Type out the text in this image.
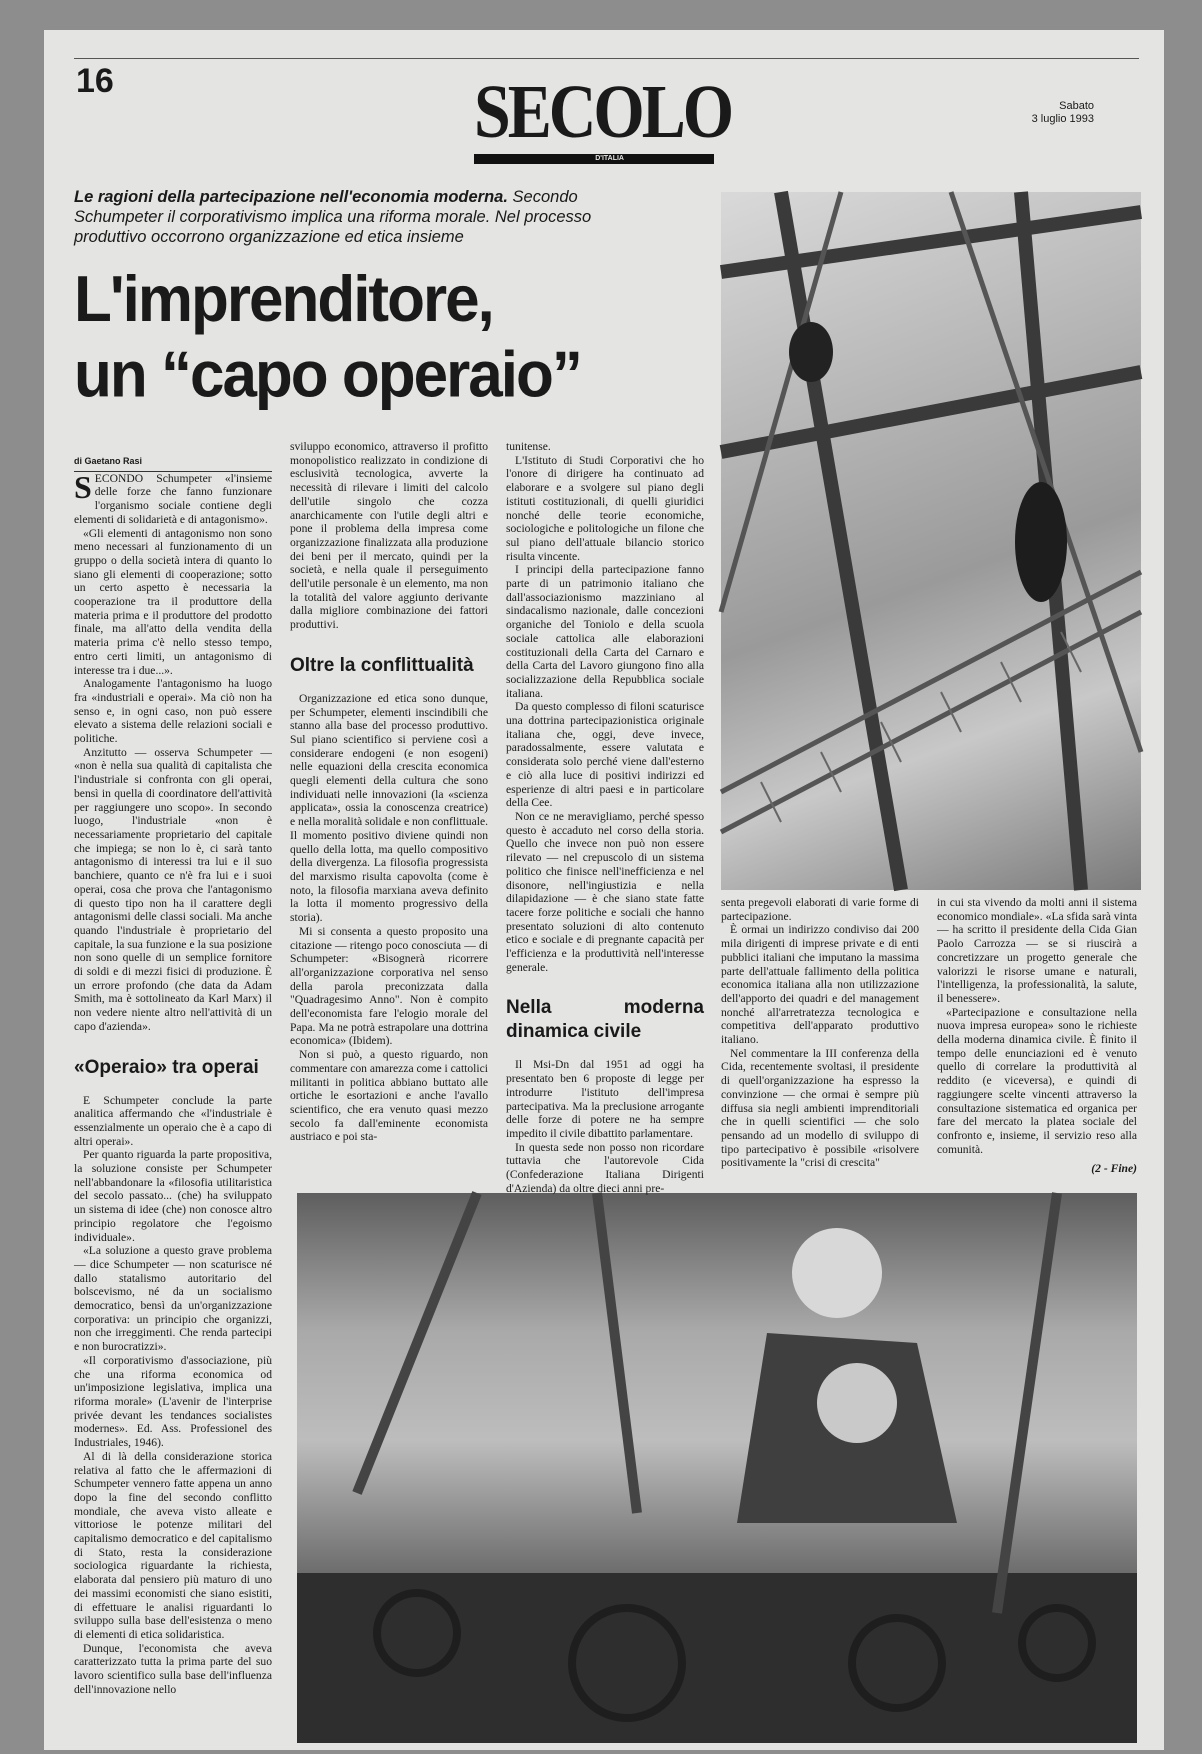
16	SECOLO
D'ITALIA
Sabato
3 luglio 1993
Le ragioni della partecipazione nell'economia moderna. Secondo Schumpeter il corporativismo implica una riforma morale. Nel processo produttivo occorrono organizzazione ed etica insieme
L'imprenditore,
un “capo operaio”

di Gaetano Rasi

SECONDO Schumpeter «l'insieme delle forze che fanno funzionare l'organismo sociale contiene degli elementi di solidarietà e di antagonismo».

«Gli elementi di antagonismo non sono meno necessari al funzionamento di un gruppo o della società intera di quanto lo siano gli elementi di cooperazione; sotto un certo aspetto è necessaria la cooperazione tra il produttore della materia prima e il produttore del prodotto finale, ma all'atto della vendita della materia prima c'è nello stesso tempo, entro certi limiti, un antagonismo di interesse tra i due...».

Analogamente l'antagonismo ha luogo fra «industriali e operai». Ma ciò non ha senso e, in ogni caso, non può essere elevato a sistema delle relazioni sociali e politiche.

Anzitutto — osserva Schumpeter — «non è nella sua qualità di capitalista che l'industriale si confronta con gli operai, bensì in quella di coordinatore dell'attività per raggiungere uno scopo». In secondo luogo, l'industriale «non è necessariamente proprietario del capitale che impiega; se non lo è, ci sarà tanto antagonismo di interessi tra lui e il suo banchiere, quanto ce n'è fra lui e i suoi operai, cosa che prova che l'antagonismo di questo tipo non ha il carattere degli antagonismi delle classi sociali. Ma anche quando l'industriale è proprietario del capitale, la sua funzione e la sua posizione non sono quelle di un semplice fornitore di soldi e di mezzi fisici di produzione. È un errore profondo (che data da Adam Smith, ma è sottolineato da Karl Marx) il non vedere niente altro nell'attività di un capo d'azienda».

«Operaio» tra operai

E Schumpeter conclude la parte analitica affermando che «l'industriale è essenzialmente un operaio che è a capo di altri operai».

Per quanto riguarda la parte propositiva, la soluzione consiste per Schumpeter nell'abbandonare la «filosofia utilitaristica del secolo passato... (che) ha sviluppato un sistema di idee (che) non conosce altro principio regolatore che l'egoismo individuale».

«La soluzione a questo grave problema — dice Schumpeter — non scaturisce né dallo statalismo autoritario del bolscevismo, né da un socialismo democratico, bensì da un'organizzazione corporativa: un principio che organizzi, non che irreggimenti. Che renda partecipi e non burocratizzi».

«Il corporativismo d'associazione, più che una riforma economica od un'imposizione legislativa, implica una riforma morale» (L'avenir de l'interprise privée devant les tendances socialistes modernes». Ed. Ass. Professionel des Industriales, 1946).

Al di là della considerazione storica relativa al fatto che le affermazioni di Schumpeter vennero fatte appena un anno dopo la fine del secondo conflitto mondiale, che aveva visto alleate e vittoriose le potenze militari del capitalismo democratico e del capitalismo di Stato, resta la considerazione sociologica riguardante la richiesta, elaborata dal pensiero più maturo di uno dei massimi economisti che siano esistiti, di effettuare le analisi riguardanti lo sviluppo sulla base dell'esistenza o meno di elementi di etica solidaristica.

Dunque, l'economista che aveva caratterizzato tutta la prima parte del suo lavoro scientifico sulla base dell'influenza dell'innovazione nello

sviluppo economico, attraverso il profitto monopolistico realizzato in condizione di esclusività tecnologica, avverte la necessità di rilevare i limiti del calcolo dell'utile singolo che cozza anarchicamente con l'utile degli altri e pone il problema della impresa come organizzazione finalizzata alla produzione dei beni per il mercato, quindi per la società, e nella quale il perseguimento dell'utile personale è un elemento, ma non la totalità del valore aggiunto derivante dalla migliore combinazione dei fattori produttivi.

Oltre la conflittualità

Organizzazione ed etica sono dunque, per Schumpeter, elementi inscindibili che stanno alla base del processo produttivo. Sul piano scientifico si perviene così a considerare endogeni (e non esogeni) nelle equazioni della crescita economica quegli elementi della cultura che sono individuati nelle innovazioni (la «scienza applicata», ossia la conoscenza creatrice) e nella moralità solidale e non conflittuale. Il momento positivo diviene quindi non quello della lotta, ma quello compositivo della divergenza. La filosofia progressista del marxismo risulta capovolta (come è noto, la filosofia marxiana aveva definito la lotta il momento progressivo della storia).

Mi si consenta a questo proposito una citazione — ritengo poco conosciuta — di Schumpeter: «Bisognerà ricorrere all'organizzazione corporativa nel senso della parola preconizzata dalla "Quadragesimo Anno". Non è compito dell'economista fare l'elogio morale del Papa. Ma ne potrà estrapolare una dottrina economica» (Ibidem).

Non si può, a questo riguardo, non commentare con amarezza come i cattolici militanti in politica abbiano buttato alle ortiche le esortazioni e anche l'avallo scientifico, che era venuto quasi mezzo secolo fa dall'eminente economista austriaco e poi sta-

tunitense.

L'Istituto di Studi Corporativi che ho l'onore di dirigere ha continuato ad elaborare e a svolgere sul piano degli istituti costituzionali, di quelli giuridici nonché delle teorie economiche, sociologiche e politologiche un filone che sul piano dell'attuale bilancio storico risulta vincente.

I principi della partecipazione fanno parte di un patrimonio italiano che dall'associazionismo mazziniano al sindacalismo nazionale, dalle concezioni organiche del Toniolo e della scuola sociale cattolica alle elaborazioni costituzionali della Carta del Carnaro e della Carta del Lavoro giungono fino alla socializzazione della Repubblica sociale italiana.

Da questo complesso di filoni scaturisce una dottrina partecipazionistica originale italiana che, oggi, deve invece, paradossalmente, essere valutata e considerata solo perché viene dall'esterno e ciò alla luce di positivi indirizzi ed esperienze di altri paesi e in particolare della Cee.

Non ce ne meravigliamo, perché spesso questo è accaduto nel corso della storia. Quello che invece non può non essere rilevato — nel crepuscolo di un sistema politico che finisce nell'inefficienza e nel disonore, nell'ingiustizia e nella dilapidazione — è che siano state fatte tacere forze politiche e sociali che hanno presentato soluzioni di alto contenuto etico e sociale e di pregnante capacità per l'efficienza e la produttività nell'interesse generale.

Nella moderna dinamica civile

Il Msi-Dn dal 1951 ad oggi ha presentato ben 6 proposte di legge per introdurre l'istituto dell'impresa partecipativa. Ma la preclusione arrogante delle forze di potere ne ha sempre impedito il civile dibattito parlamentare.

In questa sede non posso non ricordare tuttavia che l'autorevole Cida (Confederazione Italiana Dirigenti d'Azienda) da oltre dieci anni pre-

senta pregevoli elaborati di varie forme di partecipazione.

È ormai un indirizzo condiviso dai 200 mila dirigenti di imprese private e di enti pubblici italiani che imputano la massima parte dell'attuale fallimento della politica economica italiana alla non utilizzazione dell'apporto dei quadri e del management nonché all'arretratezza tecnologica e competitiva dell'apparato produttivo italiano.

Nel commentare la III conferenza della Cida, recentemente svoltasi, il presidente di quell'organizzazione ha espresso la convinzione — che ormai è sempre più diffusa sia negli ambienti imprenditoriali che in quelli scientifici — che solo pensando ad un modello di sviluppo di tipo partecipativo è possibile «risolvere positivamente la "crisi di crescita"

in cui sta vivendo da molti anni il sistema economico mondiale». «La sfida sarà vinta — ha scritto il presidente della Cida Gian Paolo Carrozza — se si riuscirà a concretizzare un progetto generale che valorizzi le risorse umane e naturali, l'intelligenza, la professionalità, la salute, il benessere».

«Partecipazione e consultazione nella nuova impresa europea» sono le richieste della moderna dinamica civile. È finito il tempo delle enunciazioni ed è venuto quello di correlare la produttività al reddito (e viceversa), e quindi di raggiungere scelte vincenti attraverso la consultazione sistematica ed organica per fare del mercato la platea sociale del confronto e, insieme, il servizio reso alla comunità.

(2 - Fine)
